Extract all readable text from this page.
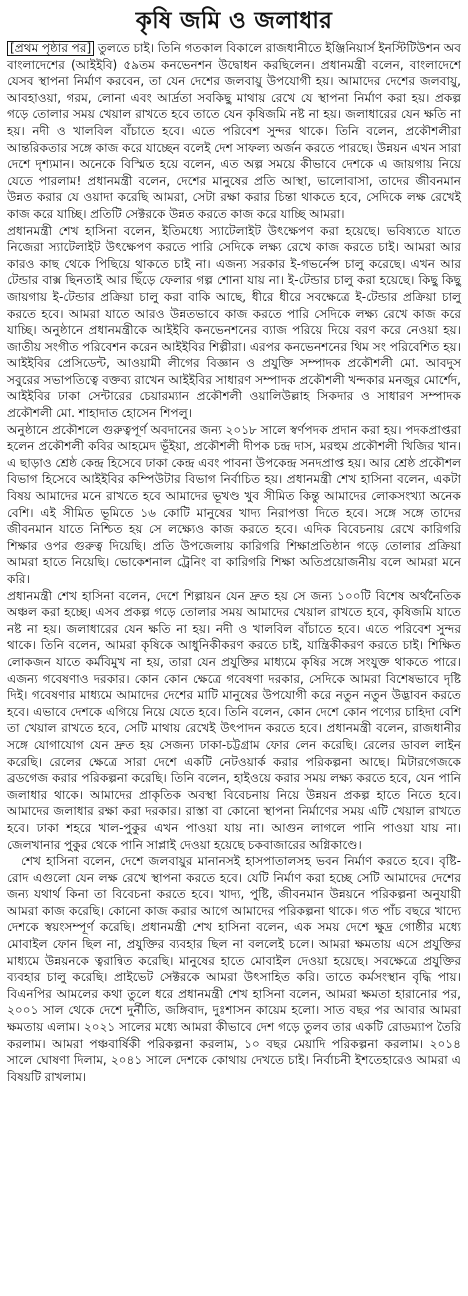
কৃষি জমি ও জলাধার

[প্রথম পৃষ্ঠার পর] তুলতে চাই। তিনি গতকাল বিকালে রাজধানীতে ইঞ্জিনিয়ার্স ইনস্টিটিউশন অব বাংলাদেশের (আইইবি) ৫৯তম কনভেনশন উদ্বোধন করছিলেন। প্রধানমন্ত্রী বলেন, বাংলাদেশে যেসব স্থাপনা নির্মাণ করবেন, তা যেন দেশের জলবায়ু উপযোগী হয়। আমাদের দেশের জলবায়ু, আবহাওয়া, গরম, লোনা এবং আর্দ্রতা সবকিছু মাথায় রেখে যে স্থাপনা নির্মাণ করা হয়। প্রকল্প গড়ে তোলার সময় খেয়াল রাখতে হবে তাতে যেন কৃষিজমি নষ্ট না হয়। জলাধারের যেন ক্ষতি না হয়। নদী ও খালবিল বাঁচাতে হবে। এতে পরিবেশ সুন্দর থাকে। তিনি বলেন, প্রকৌশলীরা আন্তরিকতার সঙ্গে কাজ করে যাচ্ছেন বলেই দেশ সাফল্য অর্জন করতে পারছে। উন্নয়ন এখন সারা দেশে দৃশ্যমান। অনেকে বিস্মিত হয়ে বলেন, এত অল্প সময়ে কীভাবে দেশকে এ জায়গায় নিয়ে যেতে পারলাম! প্রধানমন্ত্রী বলেন, দেশের মানুষের প্রতি আস্থা, ভালোবাসা, তাদের জীবনমান উন্নত করার যে ওয়াদা করেছি আমরা, সেটা রক্ষা করার চিন্তা থাকতে হবে, সেদিকে লক্ষ রেখেই কাজ করে যাচ্ছি। প্রতিটি সেক্টরকে উন্নত করতে কাজ করে যাচ্ছি আমরা।

প্রধানমন্ত্রী শেখ হাসিনা বলেন, ইতিমধ্যে স্যাটেলাইট উৎক্ষেপণ করা হয়েছে। ভবিষ্যতে যাতে নিজেরা স্যাটেলাইট উৎক্ষেপণ করতে পারি সেদিকে লক্ষ্য রেখে কাজ করতে চাই। আমরা আর কারও কাছ থেকে পিছিয়ে থাকতে চাই না। এজন্য সরকার ই-গভর্নেন্স চালু করেছে। এখন আর টেন্ডার বাক্স ছিনতাই আর ছিঁড়ে ফেলার গল্প শোনা যায় না। ই-টেন্ডার চালু করা হয়েছে। কিছু কিছু জায়গায় ই-টেন্ডার প্রক্রিয়া চালু করা বাকি আছে, ধীরে ধীরে সবক্ষেত্রে ই-টেন্ডার প্রক্রিয়া চালু করতে হবে। আমরা যাতে আরও উন্নতভাবে কাজ করতে পারি সেদিকে লক্ষ্য রেখে কাজ করে যাচ্ছি। অনুষ্ঠানে প্রধানমন্ত্রীকে আইইবি কনভেনশনের ব্যাজ পরিয়ে দিয়ে বরণ করে নেওয়া হয়। জাতীয় সংগীত পরিবেশন করেন আইইবির শিল্পীরা। এরপর কনভেনশনের থিম সং পরিবেশিত হয়। আইইবির প্রেসিডেন্ট, আওয়ামী লীগের বিজ্ঞান ও প্রযুক্তি সম্পাদক প্রকৌশলী মো. আবদুস সবুরের সভাপতিত্বে বক্তব্য রাখেন আইইবির সাধারণ সম্পাদক প্রকৌশলী খন্দকার মনজুর মোর্শেদ, আইইবির ঢাকা সেন্টারের চেয়ারম্যান প্রকৌশলী ওয়ালিউল্লাহ সিকদার ও সাধারণ সম্পাদক প্রকৌশলী মো. শাহাদাত হোসেন শিপলু।

অনুষ্ঠানে প্রকৌশলে গুরুত্বপূর্ণ অবদানের জন্য ২০১৮ সালে স্বর্ণপদক প্রদান করা হয়। পদকপ্রাপ্তরা হলেন প্রকৌশলী কবির আহমেদ ভূঁইয়া, প্রকৌশলী দীপক চন্দ্র দাস, মরহুম প্রকৌশলী খিজির খান। এ ছাড়াও শ্রেষ্ঠ কেন্দ্র হিসেবে ঢাকা কেন্দ্র এবং পাবনা উপকেন্দ্র সনদপ্রাপ্ত হয়। আর শ্রেষ্ঠ প্রকৌশল বিভাগ হিসেবে আইইবির কম্পিউটার বিভাগ নির্বাচিত হয়। প্রধানমন্ত্রী শেখ হাসিনা বলেন, একটা বিষয় আমাদের মনে রাখতে হবে আমাদের ভূখণ্ড খুব সীমিত কিন্তু আমাদের লোকসংখ্যা অনেক বেশি। এই সীমিত ভূমিতে ১৬ কোটি মানুষের খাদ্য নিরাপত্তা দিতে হবে। সঙ্গে সঙ্গে তাদের জীবনমান যাতে নিশ্চিত হয় সে লক্ষ্যেও কাজ করতে হবে। এদিক বিবেচনায় রেখে কারিগরি শিক্ষার ওপর গুরুত্ব দিয়েছি। প্রতি উপজেলায় কারিগরি শিক্ষাপ্রতিষ্ঠান গড়ে তোলার প্রক্রিয়া আমরা হাতে নিয়েছি। ভোকেশনাল ট্রেনিং বা কারিগরি শিক্ষা অতিপ্রয়োজনীয় বলে আমরা মনে করি।

প্রধানমন্ত্রী শেখ হাসিনা বলেন, দেশে শিল্পায়ন যেন দ্রুত হয় সে জন্য ১০০টি বিশেষ অর্থনৈতিক অঞ্চল করা হচ্ছে। এসব প্রকল্প গড়ে তোলার সময় আমাদের খেয়াল রাখতে হবে, কৃষিজমি যাতে নষ্ট না হয়। জলাধারের যেন ক্ষতি না হয়। নদী ও খালবিল বাঁচাতে হবে। এতে পরিবেশ সুন্দর থাকে। তিনি বলেন, আমরা কৃষিকে আধুনিকীকরণ করতে চাই, যান্ত্রিকীকরণ করতে চাই। শিক্ষিত লোকজন যাতে কর্মবিমুখ না হয়, তারা যেন প্রযুক্তির মাধ্যমে কৃষির সঙ্গে সংযুক্ত থাকতে পারে। এজন্য গবেষণাও দরকার। কোন কোন ক্ষেত্রে গবেষণা দরকার, সেদিকে আমরা বিশেষভাবে দৃষ্টি দিই। গবেষণার মাধ্যমে আমাদের দেশের মাটি মানুষের উপযোগী করে নতুন নতুন উদ্ভাবন করতে হবে। এভাবে দেশকে এগিয়ে নিয়ে যেতে হবে। তিনি বলেন, কোন দেশে কোন পণ্যের চাহিদা বেশি তা খেয়াল রাখতে হবে, সেটি মাথায় রেখেই উৎপাদন করতে হবে। প্রধানমন্ত্রী বলেন, রাজধানীর সঙ্গে যোগাযোগ যেন দ্রুত হয় সেজন্য ঢাকা-চট্টগ্রাম ফোর লেন করেছি। রেলের ডাবল লাইন করেছি। রেলের ক্ষেত্রে সারা দেশে একটি নেটওয়ার্ক করার পরিকল্পনা আছে। মিটারগেজকে ব্রডগেজ করার পরিকল্পনা করেছি। তিনি বলেন, হাইওয়ে করার সময় লক্ষ্য করতে হবে, যেন পানি জলাধার থাকে। আমাদের প্রাকৃতিক অবস্থা বিবেচনায় নিয়ে উন্নয়ন প্রকল্প হাতে নিতে হবে। আমাদের জলাধার রক্ষা করা দরকার। রাস্তা বা কোনো স্থাপনা নির্মাণের সময় এটি খেয়াল রাখতে হবে। ঢাকা শহরে খাল-পুকুর এখন পাওয়া যায় না। আগুন লাগলে পানি পাওয়া যায় না। জেলখানার পুকুর থেকে পানি সাপ্লাই দেওয়া হয়েছে চকবাজারের অগ্নিকাণ্ডে।

শেখ হাসিনা বলেন, দেশে জলবায়ুর মানানসই হাসপাতালসহ ভবন নির্মাণ করতে হবে। বৃষ্টি-রোদ এগুলো যেন লক্ষ রেখে স্থাপনা করতে হবে। যেটি নির্মাণ করা হচ্ছে সেটি আমাদের দেশের জন্য যথার্থ কিনা তা বিবেচনা করতে হবে। খাদ্য, পুষ্টি, জীবনমান উন্নয়নে পরিকল্পনা অনুযায়ী আমরা কাজ করেছি। কোনো কাজ করার আগে আমাদের পরিকল্পনা থাকে। গত পাঁচ বছরে খাদ্যে দেশকে স্বয়ংসম্পূর্ণ করেছি। প্রধানমন্ত্রী শেখ হাসিনা বলেন, এক সময় দেশে ক্ষুদ্র গোষ্ঠীর মধ্যে মোবাইল ফোন ছিল না, প্রযুক্তির ব্যবহার ছিল না বললেই চলে। আমরা ক্ষমতায় এসে প্রযুক্তির মাধ্যমে উন্নয়নকে ত্বরান্বিত করেছি। মানুষের হাতে মোবাইল দেওয়া হয়েছে। সবক্ষেত্রে প্রযুক্তির ব্যবহার চালু করেছি। প্রাইভেট সেক্টরকে আমরা উৎসাহিত করি। তাতে কর্মসংস্থান বৃদ্ধি পায়। বিএনপির আমলের কথা তুলে ধরে প্রধানমন্ত্রী শেখ হাসিনা বলেন, আমরা ক্ষমতা হারানোর পর, ২০০১ সাল থেকে দেশে দুর্নীতি, জঙ্গিবাদ, দুঃশাসন কায়েম হলো। সাত বছর পর আবার আমরা ক্ষমতায় এলাম। ২০২১ সালের মধ্যে আমরা কীভাবে দেশ গড়ে তুলব তার একটি রোডম্যাপ তৈরি করলাম। আমরা পঞ্চবার্ষিকী পরিকল্পনা করলাম, ১০ বছর মেয়াদি পরিকল্পনা করলাম। ২০১৪ সালে ঘোষণা দিলাম, ২০৪১ সালে দেশকে কোথায় দেখতে চাই। নির্বাচনী ইশতেহারেও আমরা এ বিষয়টি রাখলাম।
